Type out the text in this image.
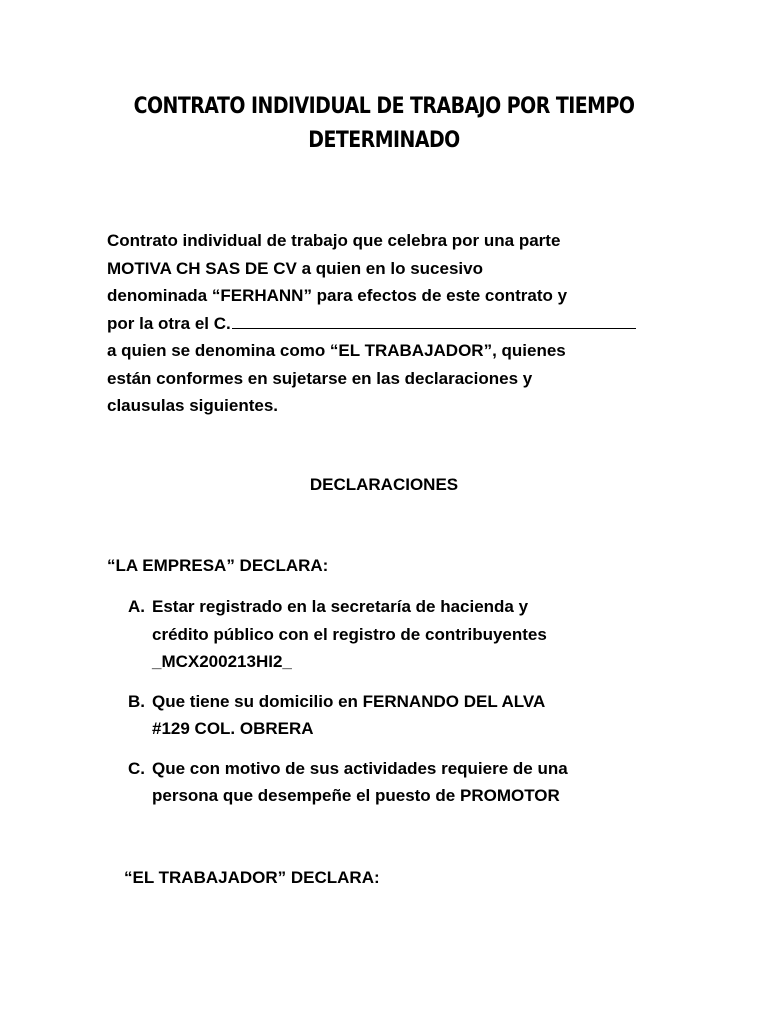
CONTRATO INDIVIDUAL DE TRABAJO POR TIEMPO
DETERMINADO
Contrato individual de trabajo que celebra por una parte
MOTIVA CH SAS DE CV a quien en lo sucesivo
denominada “FERHANN” para efectos de este contrato y
por la otra el C.
a quien se denomina como “EL TRABAJADOR”, quienes
están conformes en sujetarse en las declaraciones y
clausulas siguientes.
DECLARACIONES
“LA EMPRESA” DECLARA:
A. Estar registrado en la secretaría de hacienda y
crédito público con el registro de contribuyentes
_MCX200213HI2_
B. Que tiene su domicilio en FERNANDO DEL ALVA
#129 COL. OBRERA
C. Que con motivo de sus actividades requiere de una
persona que desempeñe el puesto de PROMOTOR
“EL TRABAJADOR” DECLARA:
